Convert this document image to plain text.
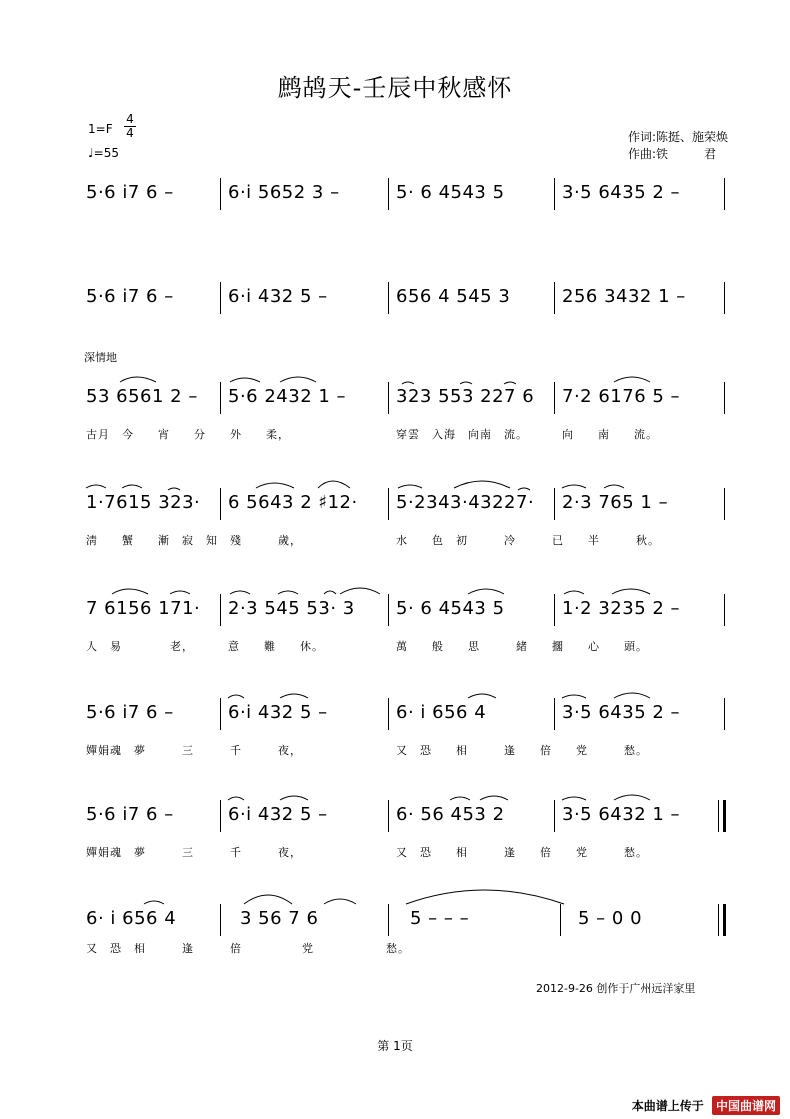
鹧鸪天-壬辰中秋感怀
1=F
4
4
♩=55
作词:陈挺、施荣焕
作曲:铁　　　君
深情地
5·6 i7 6 –	6·i 5652 3 –	5· 6 4543 5	3·5 6435 2 –
5·6 i7 6 –	6·i 432 5 –	656 4 545 3	256 3432 1 –
53 6561 2 – 5·6 2432 1 –	323 553 227 6 7·2 6176 5 –
古月　今　　宵　　分　　外　　柔，	穿雲　入海　向南　流。	向　　南　　流。
1·7615 323· 6 5643 2 ♯12· 5·2343·43227· 2·3 765 1 –
淸　　蟹　　漸　寂　知　殘　　　歲，	水　　色　初　　　冷　　　已　　半　　　秋。
7 6156 171· 2·3 545 53· 3 5· 6 4543 5	1·2 3235 2 –
人　易　　　　老，	意　　難　　休。	萬　　般　　思　　　緒　　擱　　心　　頭。
5·6 i7 6 –	6·i 432 5 –	6· i 656 4	3·5 6435 2 –
嬋娟魂　夢　　　三　　　千　　　夜，	又　恐　　相　　　逢　　倍　　党　　　愁。
5·6 i7 6 –	6·i 432 5 –	6· 56 453 2	3·5 6432 1 –
嬋娟魂　夢　　　三　　　千　　　夜，	又　恐　　相　　　逢　　倍　　党　　　愁。
6· i 656 4	3 56 7 6	5 – – –	5 – 0 0
又　恐　相　　　逢　　　倍　　　　　党　　　　　　愁。
2012-9-26 创作于广州远洋家里
第 1页
本曲谱上传于 中国曲谱网
